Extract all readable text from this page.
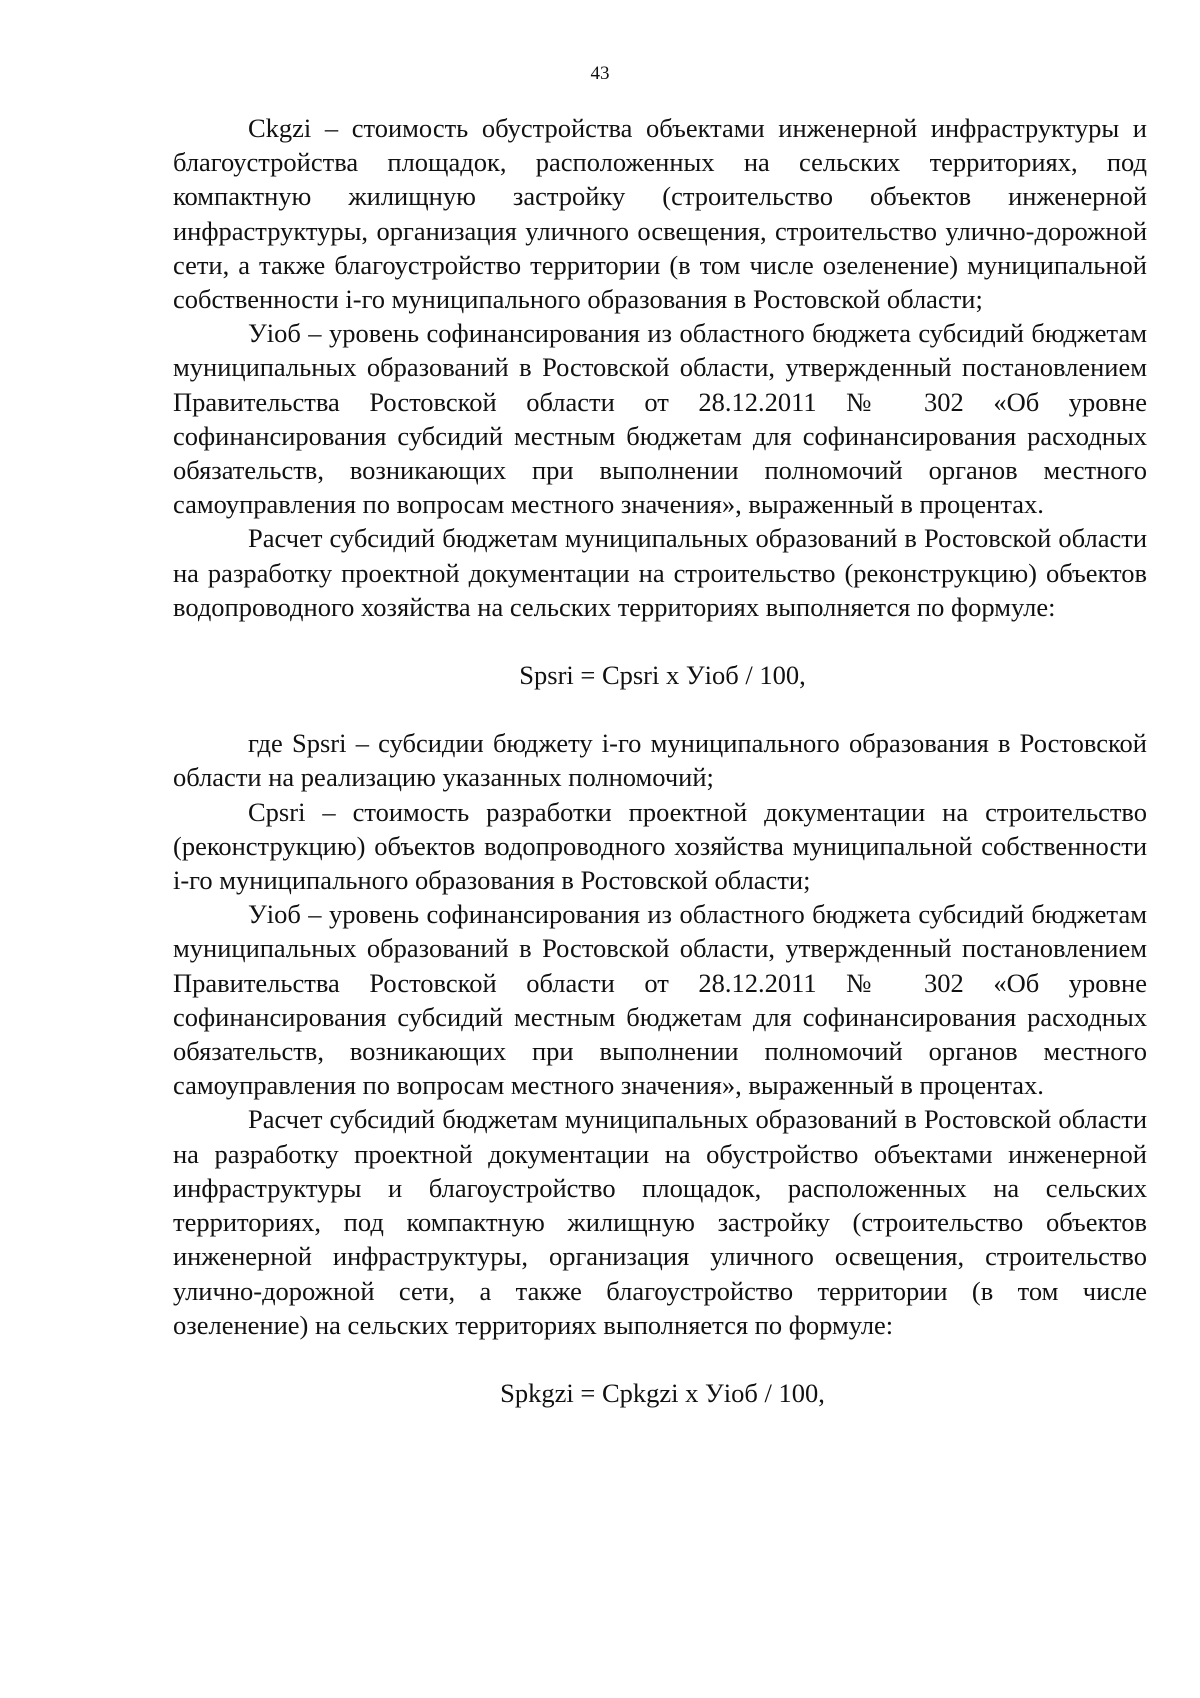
43

Ckgzi – стоимость обустройства объектами инженерной инфраструктуры и благоустройства площадок, расположенных на сельских территориях, под компактную жилищную застройку (строительство объектов инженерной инфраструктуры, организация уличного освещения, строительство улично-дорожной сети, а также благоустройство территории (в том числе озеленение) муниципальной собственности i-го муниципального образования в Ростовской области;

Уioб – уровень софинансирования из областного бюджета субсидий бюджетам муниципальных образований в Ростовской области, утвержденный постановлением Правительства Ростовской области от 28.12.2011 № 302 «Об уровне софинансирования субсидий местным бюджетам для софинансирования расходных обязательств, возникающих при выполнении полномочий органов местного самоуправления по вопросам местного значения», выраженный в процентах.

Расчет субсидий бюджетам муниципальных образований в Ростовской области на разработку проектной документации на строительство (реконструкцию) объектов водопроводного хозяйства на сельских территориях выполняется по формуле:

Spsri = Cpsri x Уioб / 100,

где Spsri – субсидии бюджету i-го муниципального образования в Ростовской области на реализацию указанных полномочий;

Cpsri – стоимость разработки проектной документации на строительство (реконструкцию) объектов водопроводного хозяйства муниципальной собственности i-го муниципального образования в Ростовской области;

Уioб – уровень софинансирования из областного бюджета субсидий бюджетам муниципальных образований в Ростовской области, утвержденный постановлением Правительства Ростовской области от 28.12.2011 № 302 «Об уровне софинансирования субсидий местным бюджетам для софинансирования расходных обязательств, возникающих при выполнении полномочий органов местного самоуправления по вопросам местного значения», выраженный в процентах.

Расчет субсидий бюджетам муниципальных образований в Ростовской области на разработку проектной документации на обустройство объектами инженерной инфраструктуры и благоустройство площадок, расположенных на сельских территориях, под компактную жилищную застройку (строительство объектов инженерной инфраструктуры, организация уличного освещения, строительство улично-дорожной сети, а также благоустройство территории (в том числе озеленение) на сельских территориях выполняется по формуле:

Spkgzi = Cpkgzi x Уioб / 100,
